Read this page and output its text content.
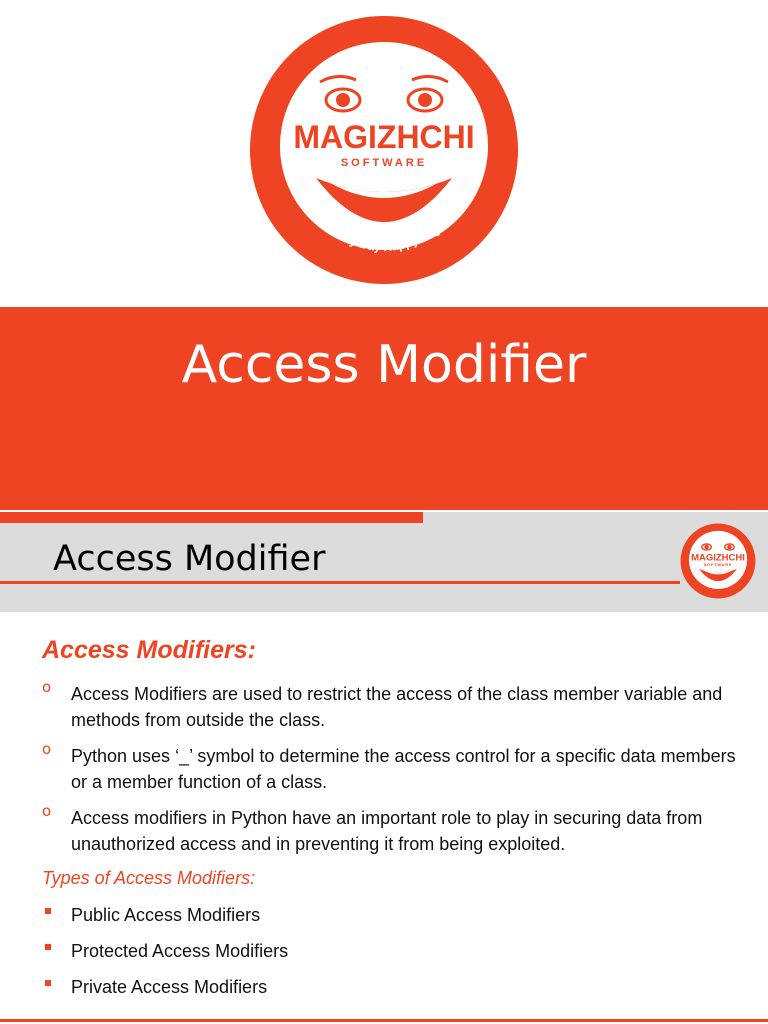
MAGIZHCHI
SOFTWARE
Every Day Happy Day
Access Modifier
Access Modifier	MAGIZHCHI
SOFTWARE
Access Modifiers:
o Access Modifiers are used to restrict the access of the class member variable and methods from outside the class.
o Python uses ‘_’ symbol to determine the access control for a specific data members or a member function of a class.
o Access modifiers in Python have an important role to play in securing data from unauthorized access and in preventing it from being exploited.
Types of Access Modifiers:
Public Access Modifiers
Protected Access Modifiers
Private Access Modifiers
